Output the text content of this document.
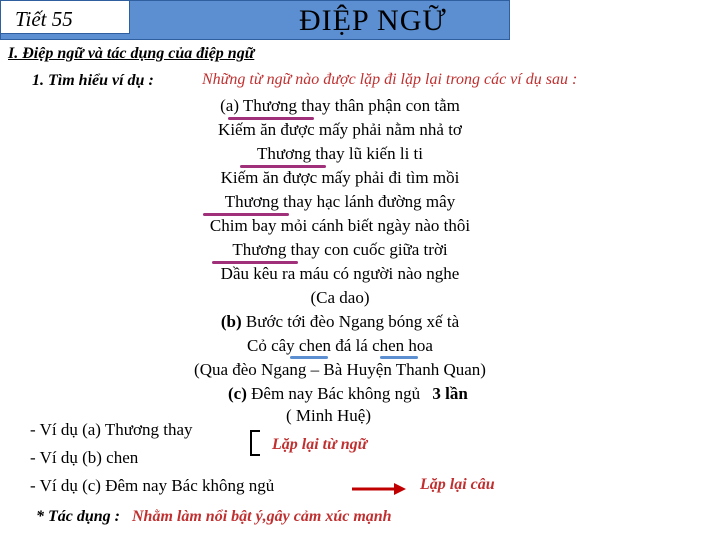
ĐIỆP NGỮ
Tiết 55
I. Điệp ngữ và tác dụng của điệp ngữ
1. Tìm hiểu ví dụ :	Những từ ngữ nào được lặp đi lặp lại trong các ví dụ sau :
(a) Thương thay thân phận con tằm
Kiếm ăn được mấy phải nằm nhả tơ
Thương thay lũ kiến li ti
Kiếm ăn được mấy phải đi tìm mồi
Thương thay hạc lánh đường mây
Chim bay mỏi cánh biết ngày nào thôi
Thương thay con cuốc giữa trời
Dầu kêu ra máu có người nào nghe
(Ca dao)
(b) Bước tới đèo Ngang bóng xế tà
Cỏ cây chen đá lá chen hoa
(Qua đèo Ngang – Bà Huyện Thanh Quan)
(c) Đêm nay Bác không ngủ 3 lần
( Minh Huệ)
- Ví dụ (a) Thương thay
- Ví dụ (b) chen
- Ví dụ (c) Đêm nay Bác không ngủ
Lặp lại từ ngữ
Lặp lại câu
* Tác dụng : Nhằm làm nổi bật ý,gây cảm xúc mạnh
